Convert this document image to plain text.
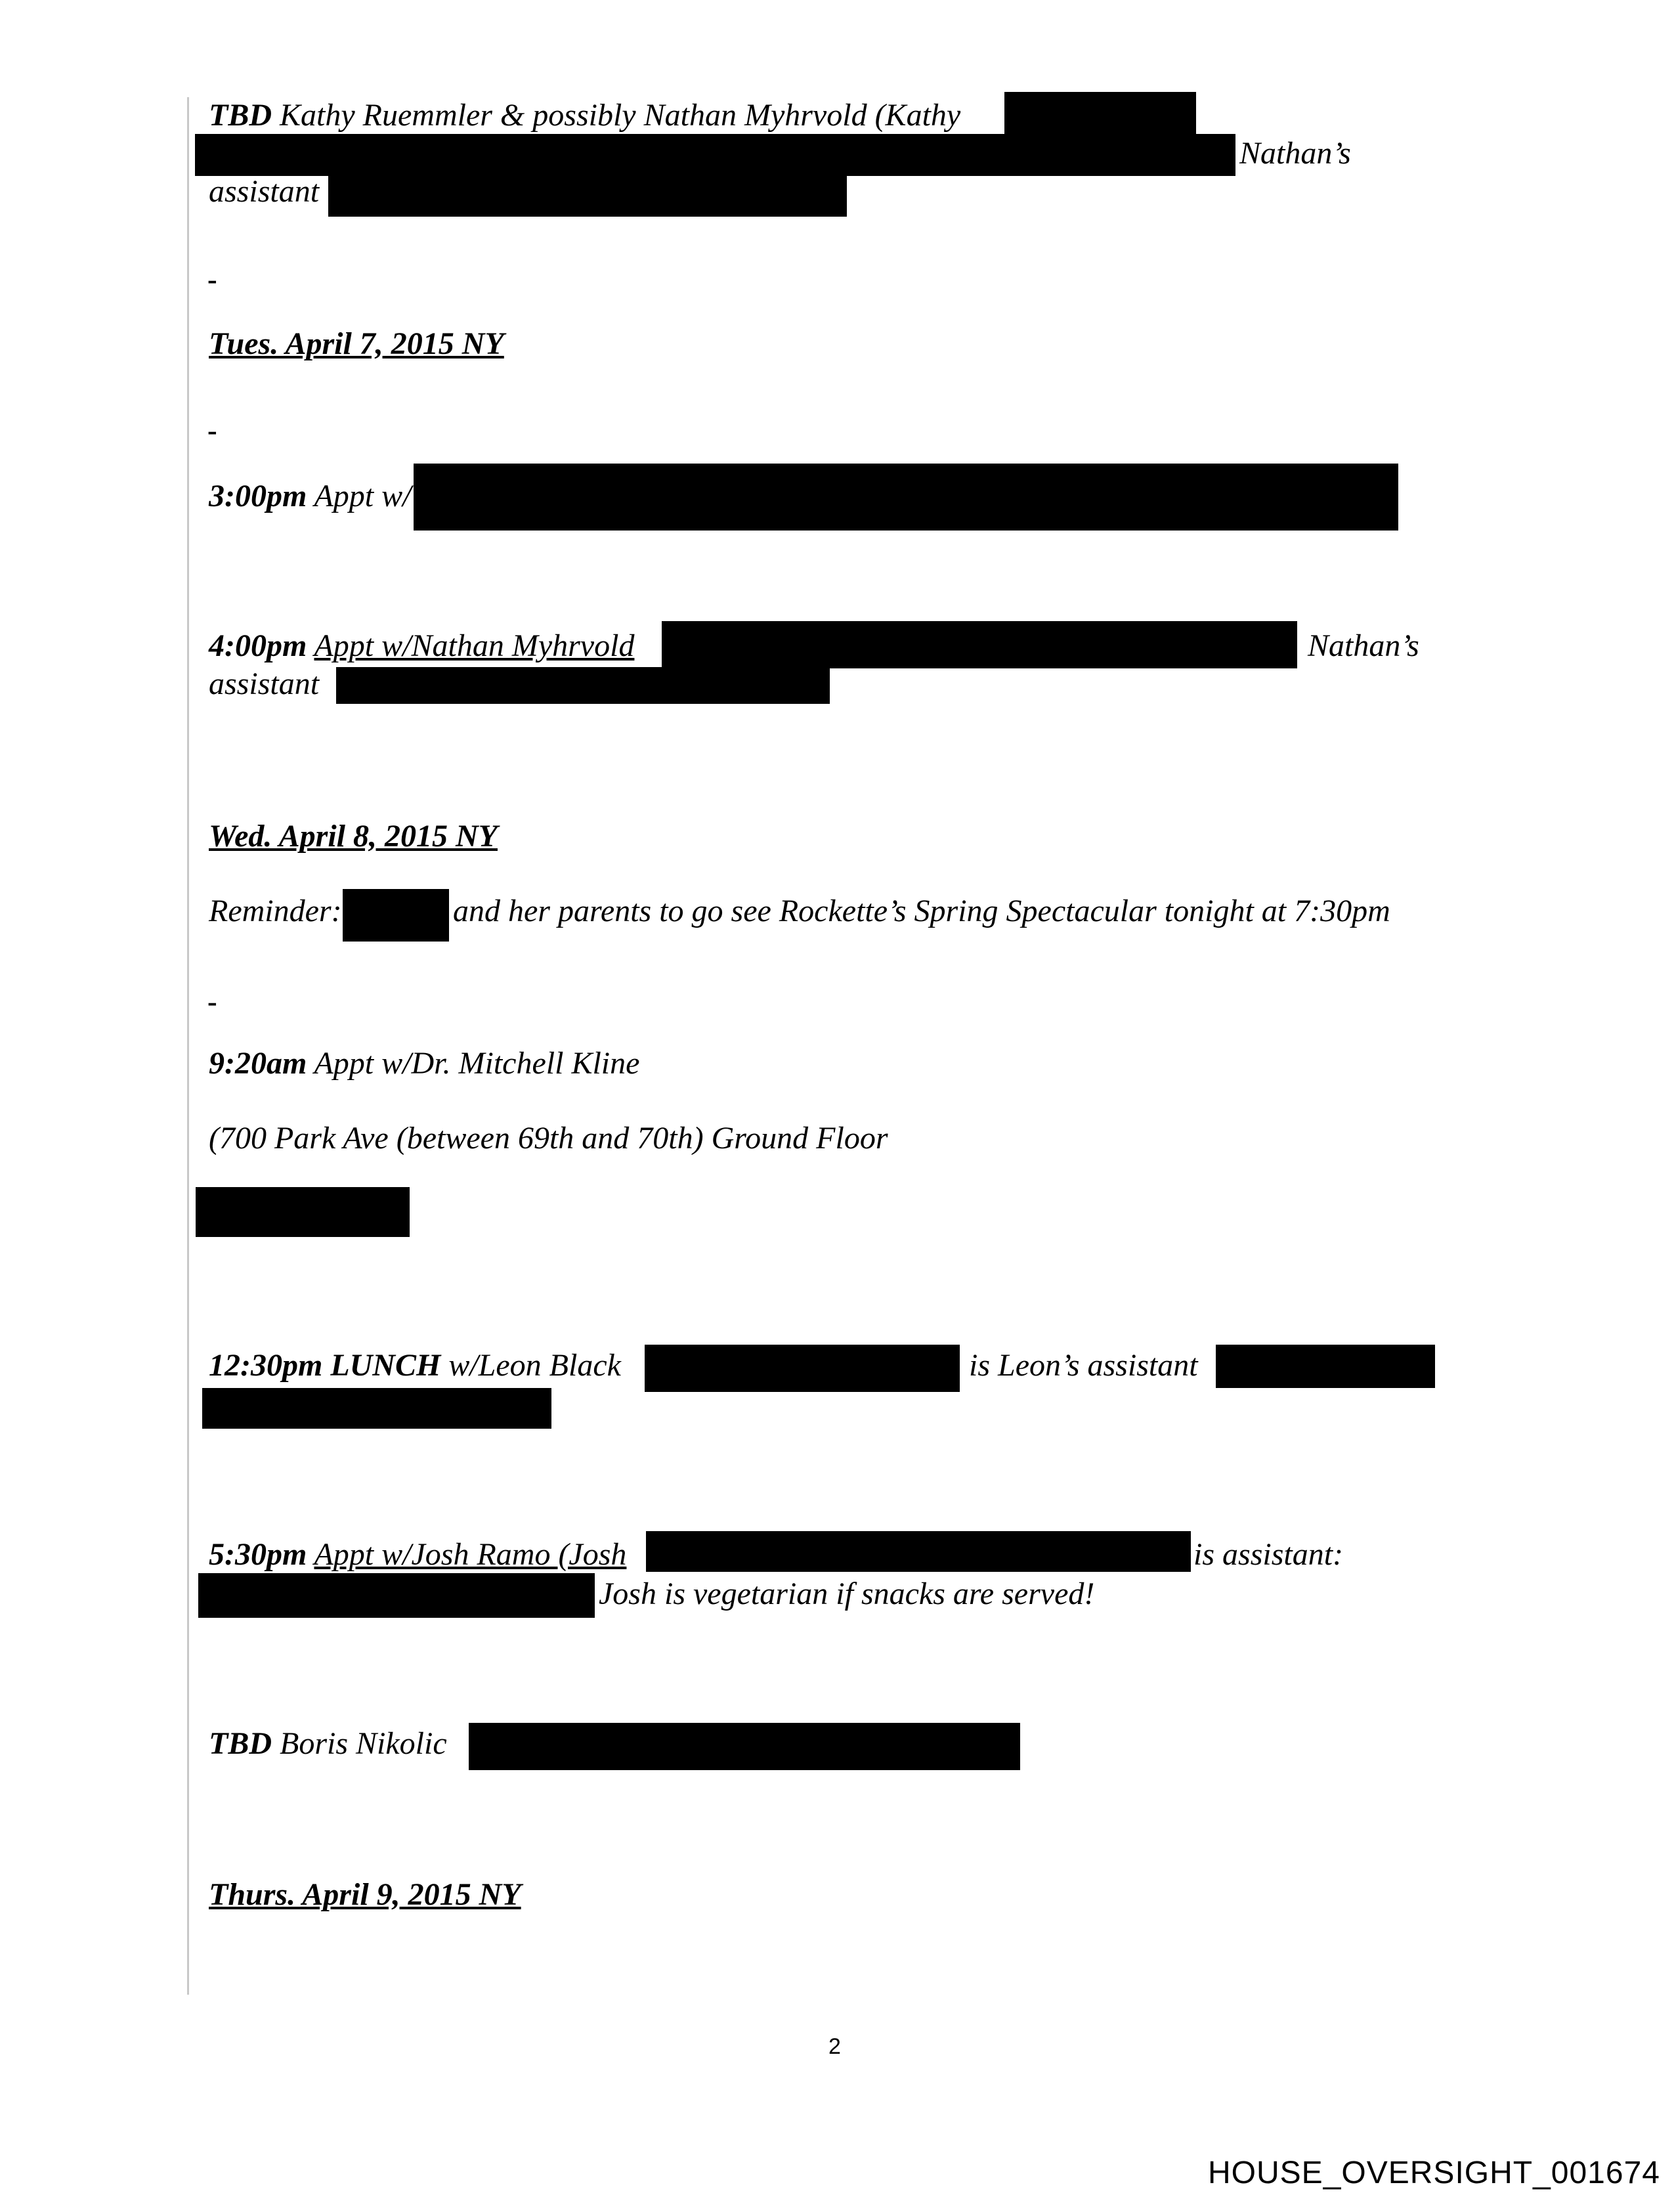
TBD Kathy Ruemmler & possibly Nathan Myhrvold (Kathy
Nathan’s
assistant
-
Tues. April 7, 2015 NY
-
3:00pm Appt w/
4:00pm Appt w/Nathan Myhrvold	Nathan’s
assistant
Wed. April 8, 2015 NY
Reminder:	and her parents to go see Rockette’s Spring Spectacular tonight at 7:30pm
-
9:20am Appt w/Dr. Mitchell Kline
(700 Park Ave (between 69th and 70th) Ground Floor
12:30pm LUNCH w/Leon Black	is Leon’s assistant
5:30pm Appt w/Josh Ramo (Josh	is assistant:
Josh is vegetarian if snacks are served!
TBD Boris Nikolic
Thurs. April 9, 2015 NY
2
HOUSE_OVERSIGHT_001674
